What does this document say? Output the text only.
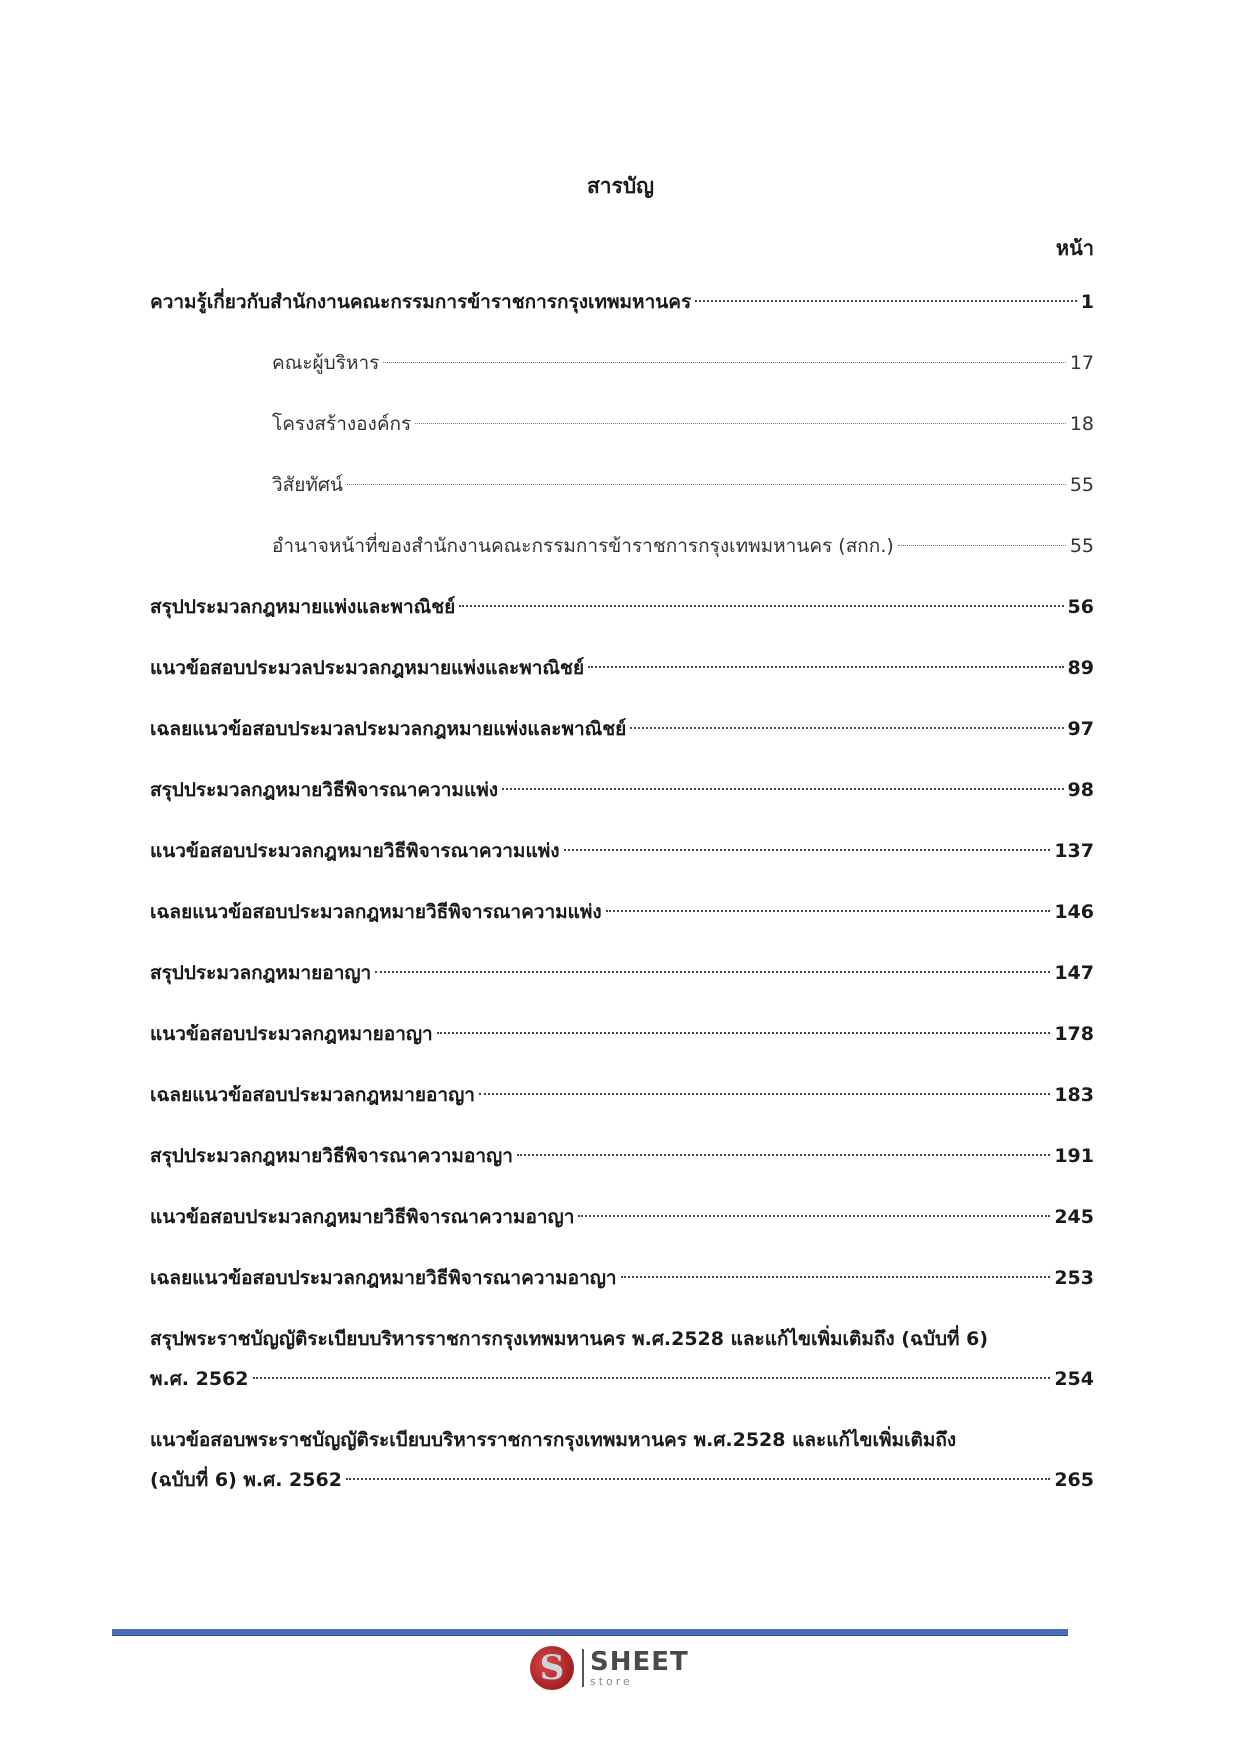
สารบัญ
หน้า
ความรู้เกี่ยวกับสำนักงานคณะกรรมการข้าราชการกรุงเทพมหานคร	1
คณะผู้บริหาร	17
โครงสร้างองค์กร	18
วิสัยทัศน์	55
อำนาจหน้าที่ของสำนักงานคณะกรรมการข้าราชการกรุงเทพมหานคร (สกก.)	55
สรุปประมวลกฎหมายแพ่งและพาณิชย์	56
แนวข้อสอบประมวลประมวลกฎหมายแพ่งและพาณิชย์	89
เฉลยแนวข้อสอบประมวลประมวลกฎหมายแพ่งและพาณิชย์	97
สรุปประมวลกฎหมายวิธีพิจารณาความแพ่ง	98
แนวข้อสอบประมวลกฎหมายวิธีพิจารณาความแพ่ง	137
เฉลยแนวข้อสอบประมวลกฎหมายวิธีพิจารณาความแพ่ง	146
สรุปประมวลกฎหมายอาญา	147
แนวข้อสอบประมวลกฎหมายอาญา	178
เฉลยแนวข้อสอบประมวลกฎหมายอาญา	183
สรุปประมวลกฎหมายวิธีพิจารณาความอาญา	191
แนวข้อสอบประมวลกฎหมายวิธีพิจารณาความอาญา	245
เฉลยแนวข้อสอบประมวลกฎหมายวิธีพิจารณาความอาญา	253
สรุปพระราชบัญญัติระเบียบบริหารราชการกรุงเทพมหานคร พ.ศ.2528 และแก้ไขเพิ่มเติมถึง (ฉบับที่ 6)
พ.ศ. 2562	254
แนวข้อสอบพระราชบัญญัติระเบียบบริหารราชการกรุงเทพมหานคร พ.ศ.2528 และแก้ไขเพิ่มเติมถึง
(ฉบับที่ 6) พ.ศ. 2562	265
S
SHEET
store
